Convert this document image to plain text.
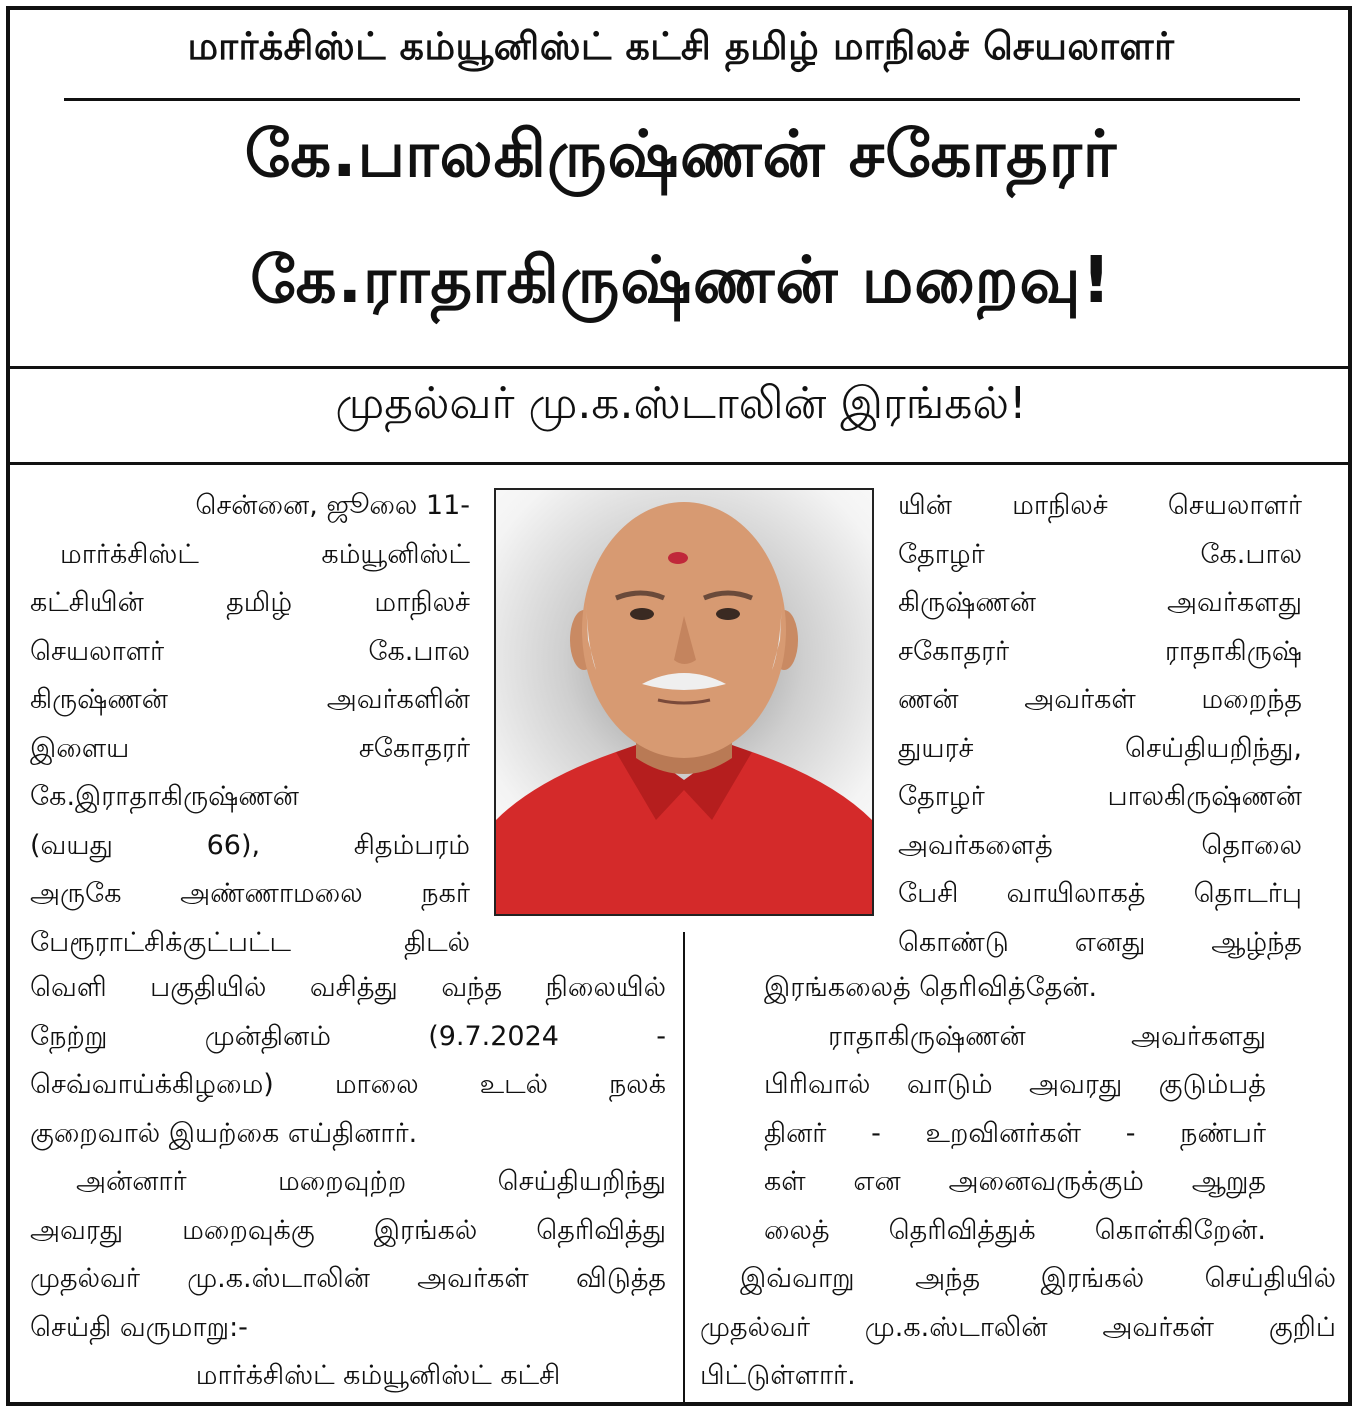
மார்க்சிஸ்ட் கம்யூனிஸ்ட் கட்சி தமிழ் மாநிலச் செயலாளர்
கே.பாலகிருஷ்ணன் சகோதரர்
கே.ராதாகிருஷ்ணன் மறைவு!
முதல்வர் மு.க.ஸ்டாலின் இரங்கல்!

சென்னை, ஜூலை 11-

மார்க்சிஸ்ட் கம்யூனிஸ்ட்

கட்சியின் தமிழ் மாநிலச்

செயலாளர் கே.பால

கிருஷ்ணன் அவர்களின்

இளைய சகோதரர்

கே.இராதாகிருஷ்ணன்

(வயது 66), சிதம்பரம்

அருகே அண்ணாமலை நகர்

பேரூராட்சிக்குட்பட்ட திடல்

யின் மாநிலச் செயலாளர்

தோழர் கே.பால

கிருஷ்ணன் அவர்களது

சகோதரர் ராதாகிருஷ்

ணன் அவர்கள் மறைந்த

துயரச் செய்தியறிந்து,

தோழர் பாலகிருஷ்ணன்

அவர்களைத் தொலை

பேசி வாயிலாகத் தொடர்பு

கொண்டு எனது ஆழ்ந்த

வெளி பகுதியில் வசித்து வந்த நிலையில்

நேற்று முன்தினம் (9.7.2024 -

செவ்வாய்க்கிழமை) மாலை உடல் நலக்

குறைவால் இயற்கை எய்தினார்.

அன்னார் மறைவுற்ற செய்தியறிந்து

அவரது மறைவுக்கு இரங்கல் தெரிவித்து

முதல்வர் மு.க.ஸ்டாலின் அவர்கள் விடுத்த

செய்தி வருமாறு:-

மார்க்சிஸ்ட் கம்யூனிஸ்ட் கட்சி

இரங்கலைத் தெரிவித்தேன்.

ராதாகிருஷ்ணன் அவர்களது

பிரிவால் வாடும் அவரது குடும்பத்

தினர் - உறவினர்கள் - நண்பர்

கள் என அனைவருக்கும் ஆறுத

லைத் தெரிவித்துக் கொள்கிறேன்.

இவ்வாறு அந்த இரங்கல் செய்தியில்

முதல்வர் மு.க.ஸ்டாலின் அவர்கள் குறிப்

பிட்டுள்ளார்.
